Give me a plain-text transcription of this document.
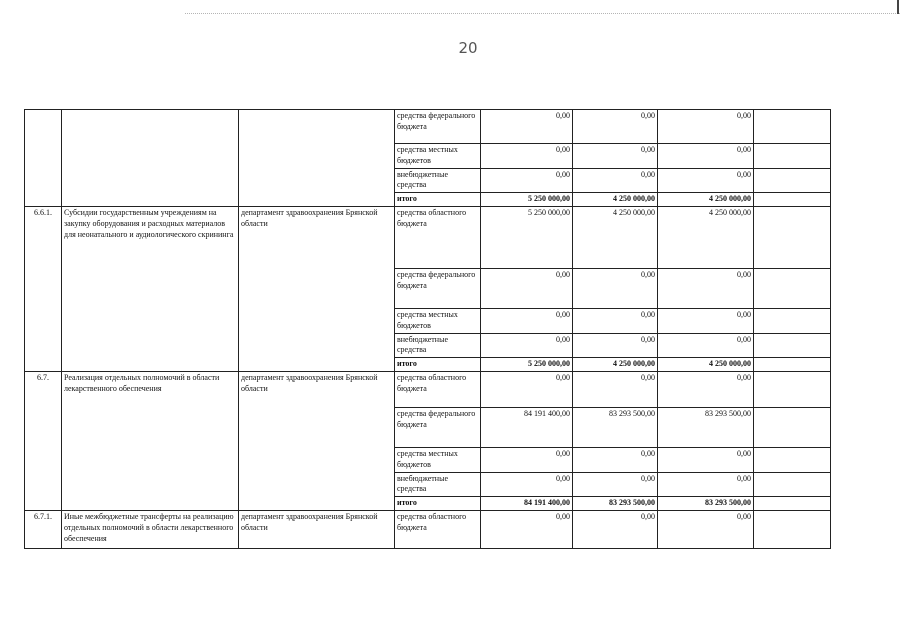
20
			средства федерального бюджета	0,00	0,00	0,00	
			средства местных бюджетов	0,00	0,00	0,00	
			внебюджетные средства	0,00	0,00	0,00	
			итого	5 250 000,00	4 250 000,00	4 250 000,00	
6.6.1.	Субсидии государственным учреждениям на закупку оборудования и расходных материалов для неонатального и аудиологического скрининга	департамент здравоохранения Брянской области	средства областного бюджета	5 250 000,00	4 250 000,00	4 250 000,00	
			средства федерального бюджета	0,00	0,00	0,00	
			средства местных бюджетов	0,00	0,00	0,00	
			внебюджетные средства	0,00	0,00	0,00	
			итого	5 250 000,00	4 250 000,00	4 250 000,00	
6.7.	Реализация отдельных полномочий в области лекарственного обеспечения	департамент здравоохранения Брянской области	средства областного бюджета	0,00	0,00	0,00	
			средства федерального бюджета	84 191 400,00	83 293 500,00	83 293 500,00	
			средства местных бюджетов	0,00	0,00	0,00	
			внебюджетные средства	0,00	0,00	0,00	
			итого	84 191 400,00	83 293 500,00	83 293 500,00	
6.7.1.	Иные межбюджетные трансферты на реализацию отдельных полномочий в области лекарственного обеспечения	департамент здравоохранения Брянской области	средства областного бюджета	0,00	0,00	0,00	
